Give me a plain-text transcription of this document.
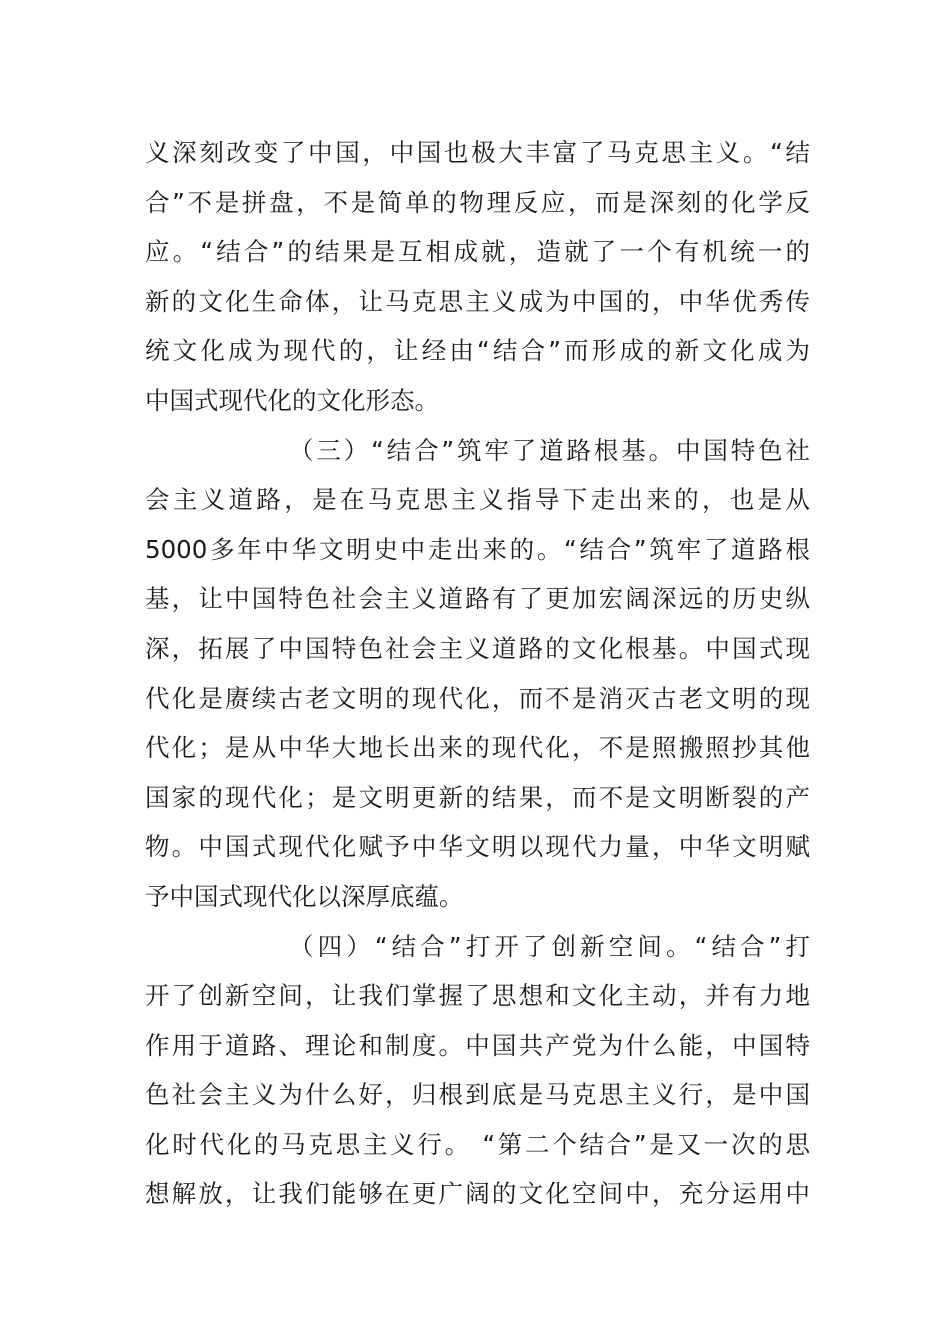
义深刻改变了中国，中国也极大丰富了马克思主义。“结
合”不是拼盘，不是简单的物理反应，而是深刻的化学反
应。“结合”的结果是互相成就，造就了一个有机统一的
新的文化生命体，让马克思主义成为中国的，中华优秀传
统文化成为现代的，让经由“结合”而形成的新文化成为
中国式现代化的文化形态。
（三）“结合”筑牢了道路根基。中国特色社
会主义道路，是在马克思主义指导下走出来的，也是从
5000多年中华文明史中走出来的。“结合”筑牢了道路根
基，让中国特色社会主义道路有了更加宏阔深远的历史纵
深，拓展了中国特色社会主义道路的文化根基。中国式现
代化是赓续古老文明的现代化，而不是消灭古老文明的现
代化；是从中华大地长出来的现代化，不是照搬照抄其他
国家的现代化；是文明更新的结果，而不是文明断裂的产
物。中国式现代化赋予中华文明以现代力量，中华文明赋
予中国式现代化以深厚底蕴。
（四）“结合”打开了创新空间。“结合”打
开了创新空间，让我们掌握了思想和文化主动，并有力地
作用于道路、理论和制度。中国共产党为什么能，中国特
色社会主义为什么好，归根到底是马克思主义行，是中国
化时代化的马克思主义行。 “第二个结合”是又一次的思
想解放，让我们能够在更广阔的文化空间中，充分运用中
